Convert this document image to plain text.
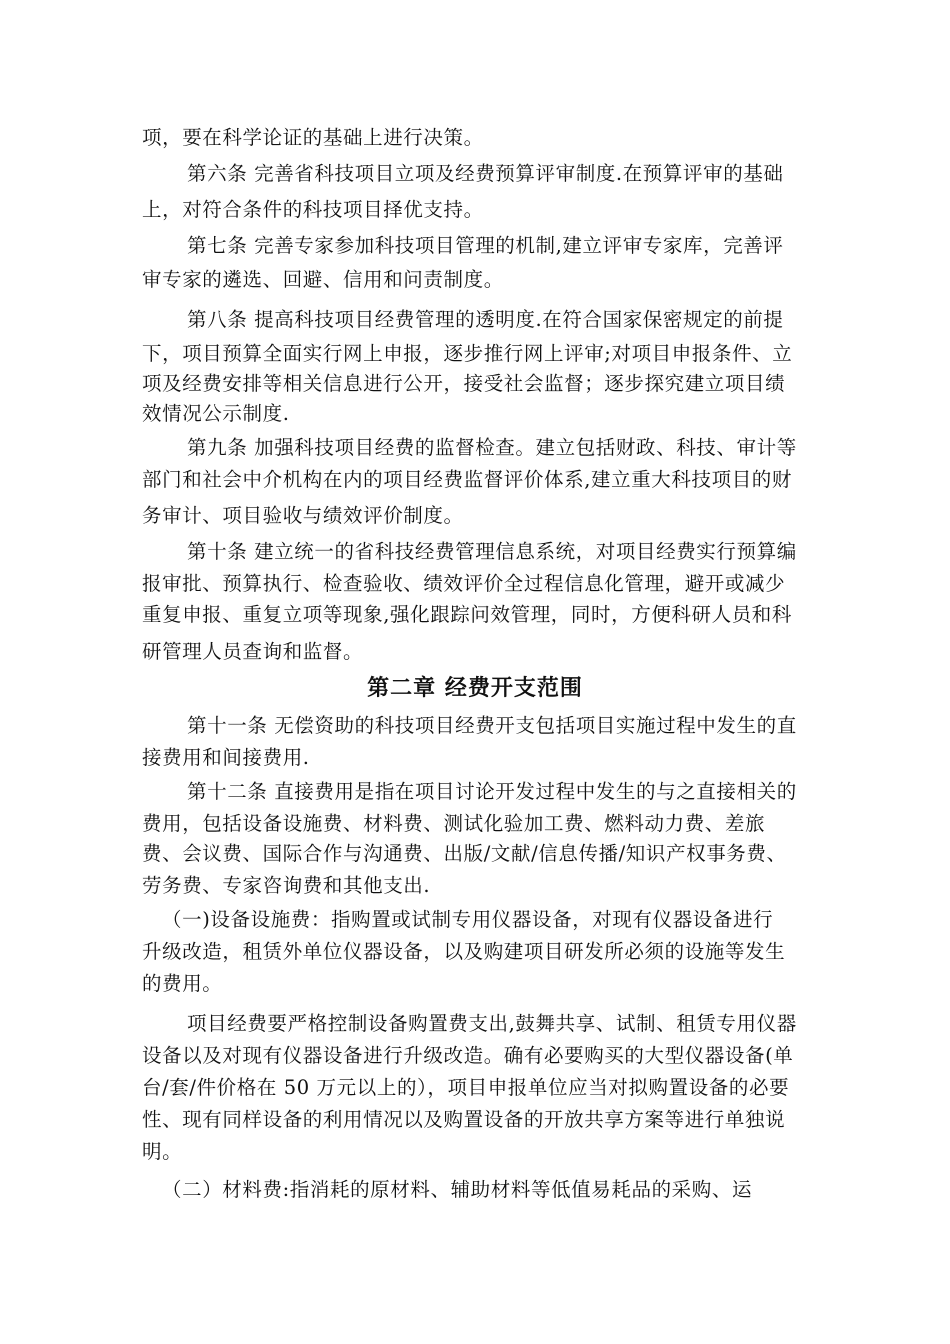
项，要在科学论证的基础上进行决策。
第六条 完善省科技项目立项及经费预算评审制度.在预算评审的基础
上，对符合条件的科技项目择优支持。
第七条 完善专家参加科技项目管理的机制,建立评审专家库，完善评
审专家的遴选、回避、信用和问责制度。
第八条 提高科技项目经费管理的透明度.在符合国家保密规定的前提
下，项目预算全面实行网上申报，逐步推行网上评审;对项目申报条件、立
项及经费安排等相关信息进行公开，接受社会监督；逐步探究建立项目绩
效情况公示制度.
第九条 加强科技项目经费的监督检查。建立包括财政、科技、审计等
部门和社会中介机构在内的项目经费监督评价体系,建立重大科技项目的财
务审计、项目验收与绩效评价制度。
第十条 建立统一的省科技经费管理信息系统，对项目经费实行预算编
报审批、预算执行、检查验收、绩效评价全过程信息化管理，避开或减少
重复申报、重复立项等现象,强化跟踪问效管理，同时，方便科研人员和科
研管理人员查询和监督。
第二章 经费开支范围
第十一条 无偿资助的科技项目经费开支包括项目实施过程中发生的直
接费用和间接费用.
第十二条 直接费用是指在项目讨论开发过程中发生的与之直接相关的
费用，包括设备设施费、材料费、测试化验加工费、燃料动力费、差旅
费、会议费、国际合作与沟通费、出版/文献/信息传播/知识产权事务费、
劳务费、专家咨询费和其他支出.
（一)设备设施费：指购置或试制专用仪器设备，对现有仪器设备进行
升级改造，租赁外单位仪器设备，以及购建项目研发所必须的设施等发生
的费用。
项目经费要严格控制设备购置费支出,鼓舞共享、试制、租赁专用仪器
设备以及对现有仪器设备进行升级改造。确有必要购买的大型仪器设备(单
台/套/件价格在 50 万元以上的），项目申报单位应当对拟购置设备的必要
性、现有同样设备的利用情况以及购置设备的开放共享方案等进行单独说
明。
（二）材料费:指消耗的原材料、辅助材料等低值易耗品的采购、运
